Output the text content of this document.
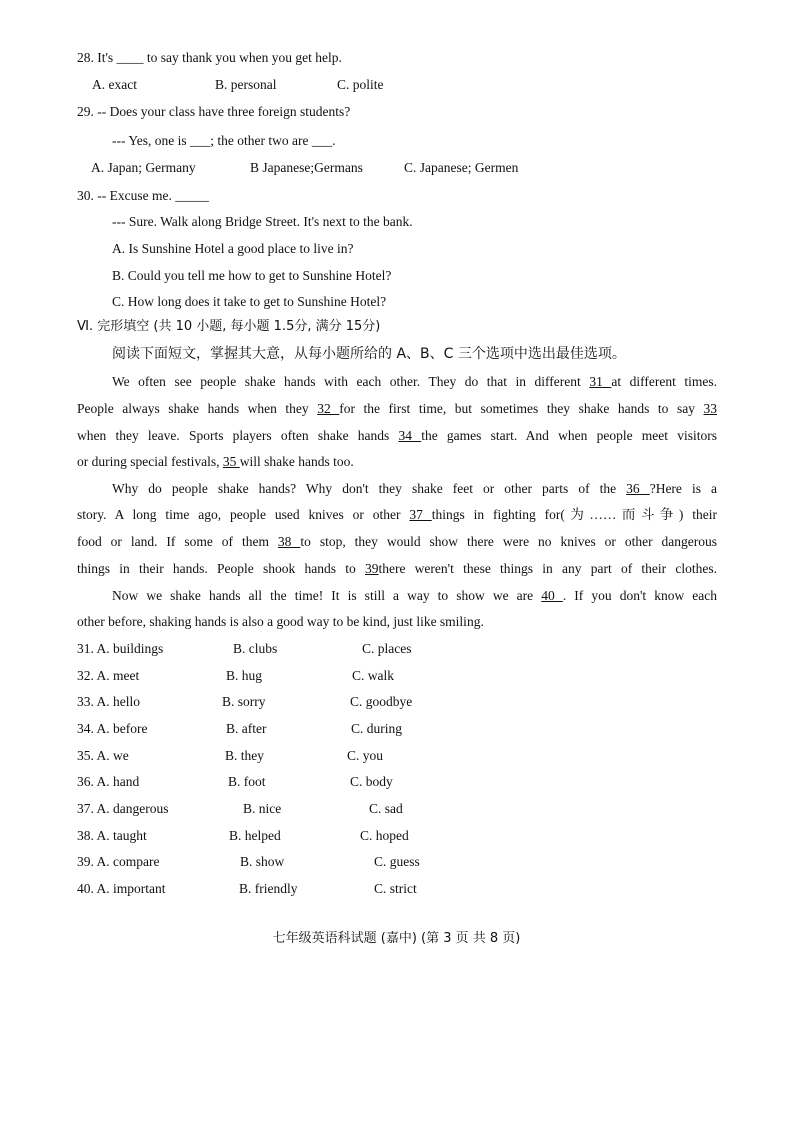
28. It's ____ to say thank you when you get help.
A. exact	B. personal	C. polite
29. -- Does your class have three foreign students?
--- Yes, one is ___; the other two are ___.
A. Japan; Germany	B Japanese;Germans	C. Japanese; Germen
30. -- Excuse me. _____
--- Sure. Walk along Bridge Street. It's next to the bank.
A. Is Sunshine Hotel a good place to live in?
B. Could you tell me how to get to Sunshine Hotel?
C. How long does it take to get to Sunshine Hotel?
Ⅵ. 完形填空 (共 10 小题, 每小题 1.5分, 满分 15分)
阅读下面短文，掌握其大意，从每小题所给的 A、B、C 三个选项中选出最佳选项。
We often see people shake hands with each other. They do that in different 31 at different times.
People always shake hands when they 32 for the first time, but sometimes they shake hands to say 33
when they leave. Sports players often shake hands 34 the games start. And when people meet visitors
or during special festivals, 35 will shake hands too.
Why do people shake hands? Why don't they shake feet or other parts of the 36 ?Here is a
story. A long time ago, people used knives or other 37 things in fighting for(为……而斗争) their
food or land. If some of them 38 to stop, they would show there were no knives or other dangerous
things in their hands. People shook hands to 39there weren't these things in any part of their clothes.
Now we shake hands all the time! It is still a way to show we are 40 . If you don't know each
other before, shaking hands is also a good way to be kind, just like smiling.
31. A. buildings	B. clubs	C. places
32. A. meet	B. hug	C. walk
33. A. hello	B. sorry	C. goodbye
34. A. before	B. after	C. during
35. A. we	B. they	C. you
36. A. hand	B. foot	C. body
37. A. dangerous	B. nice	C. sad
38. A. taught	B. helped	C. hoped
39. A. compare	B. show	C. guess
40. A. important	B. friendly	C. strict
七年级英语科试题 (嘉中) (第 3 页 共 8 页)
